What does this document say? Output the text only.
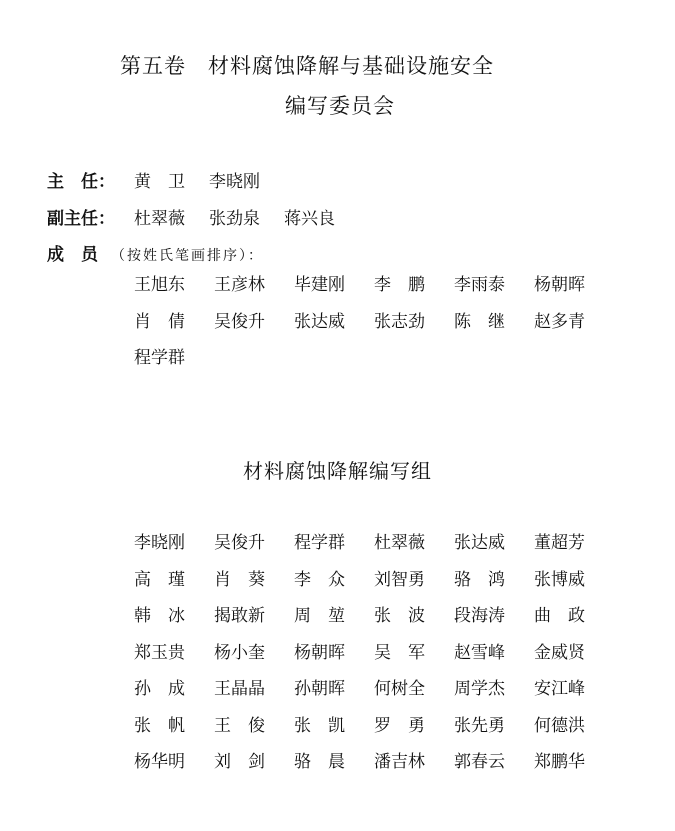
第五卷 材料腐蚀降解与基础设施安全
编写委员会
主　任：	黄　卫 李晓刚
副主任：	杜翠薇 张劲泉 蒋兴良
成　员 （按姓氏笔画排序）：
王旭东	王彦林	毕建刚	李　鹏	李雨泰	杨朝晖
肖　倩	吴俊升	张达威	张志劲	陈　继	赵多青
程学群
材料腐蚀降解编写组
李晓刚	吴俊升	程学群	杜翠薇	张达威	董超芳
高　瑾	肖　葵	李　众	刘智勇	骆　鸿	张博威
韩　冰	揭敢新	周　堃	张　波	段海涛	曲　政
郑玉贵	杨小奎	杨朝晖	吴　军	赵雪峰	金威贤
孙　成	王晶晶	孙朝晖	何树全	周学杰	安江峰
张　帆	王　俊	张　凯	罗　勇	张先勇	何德洪
杨华明	刘　剑	骆　晨	潘吉林	郭春云	郑鹏华
